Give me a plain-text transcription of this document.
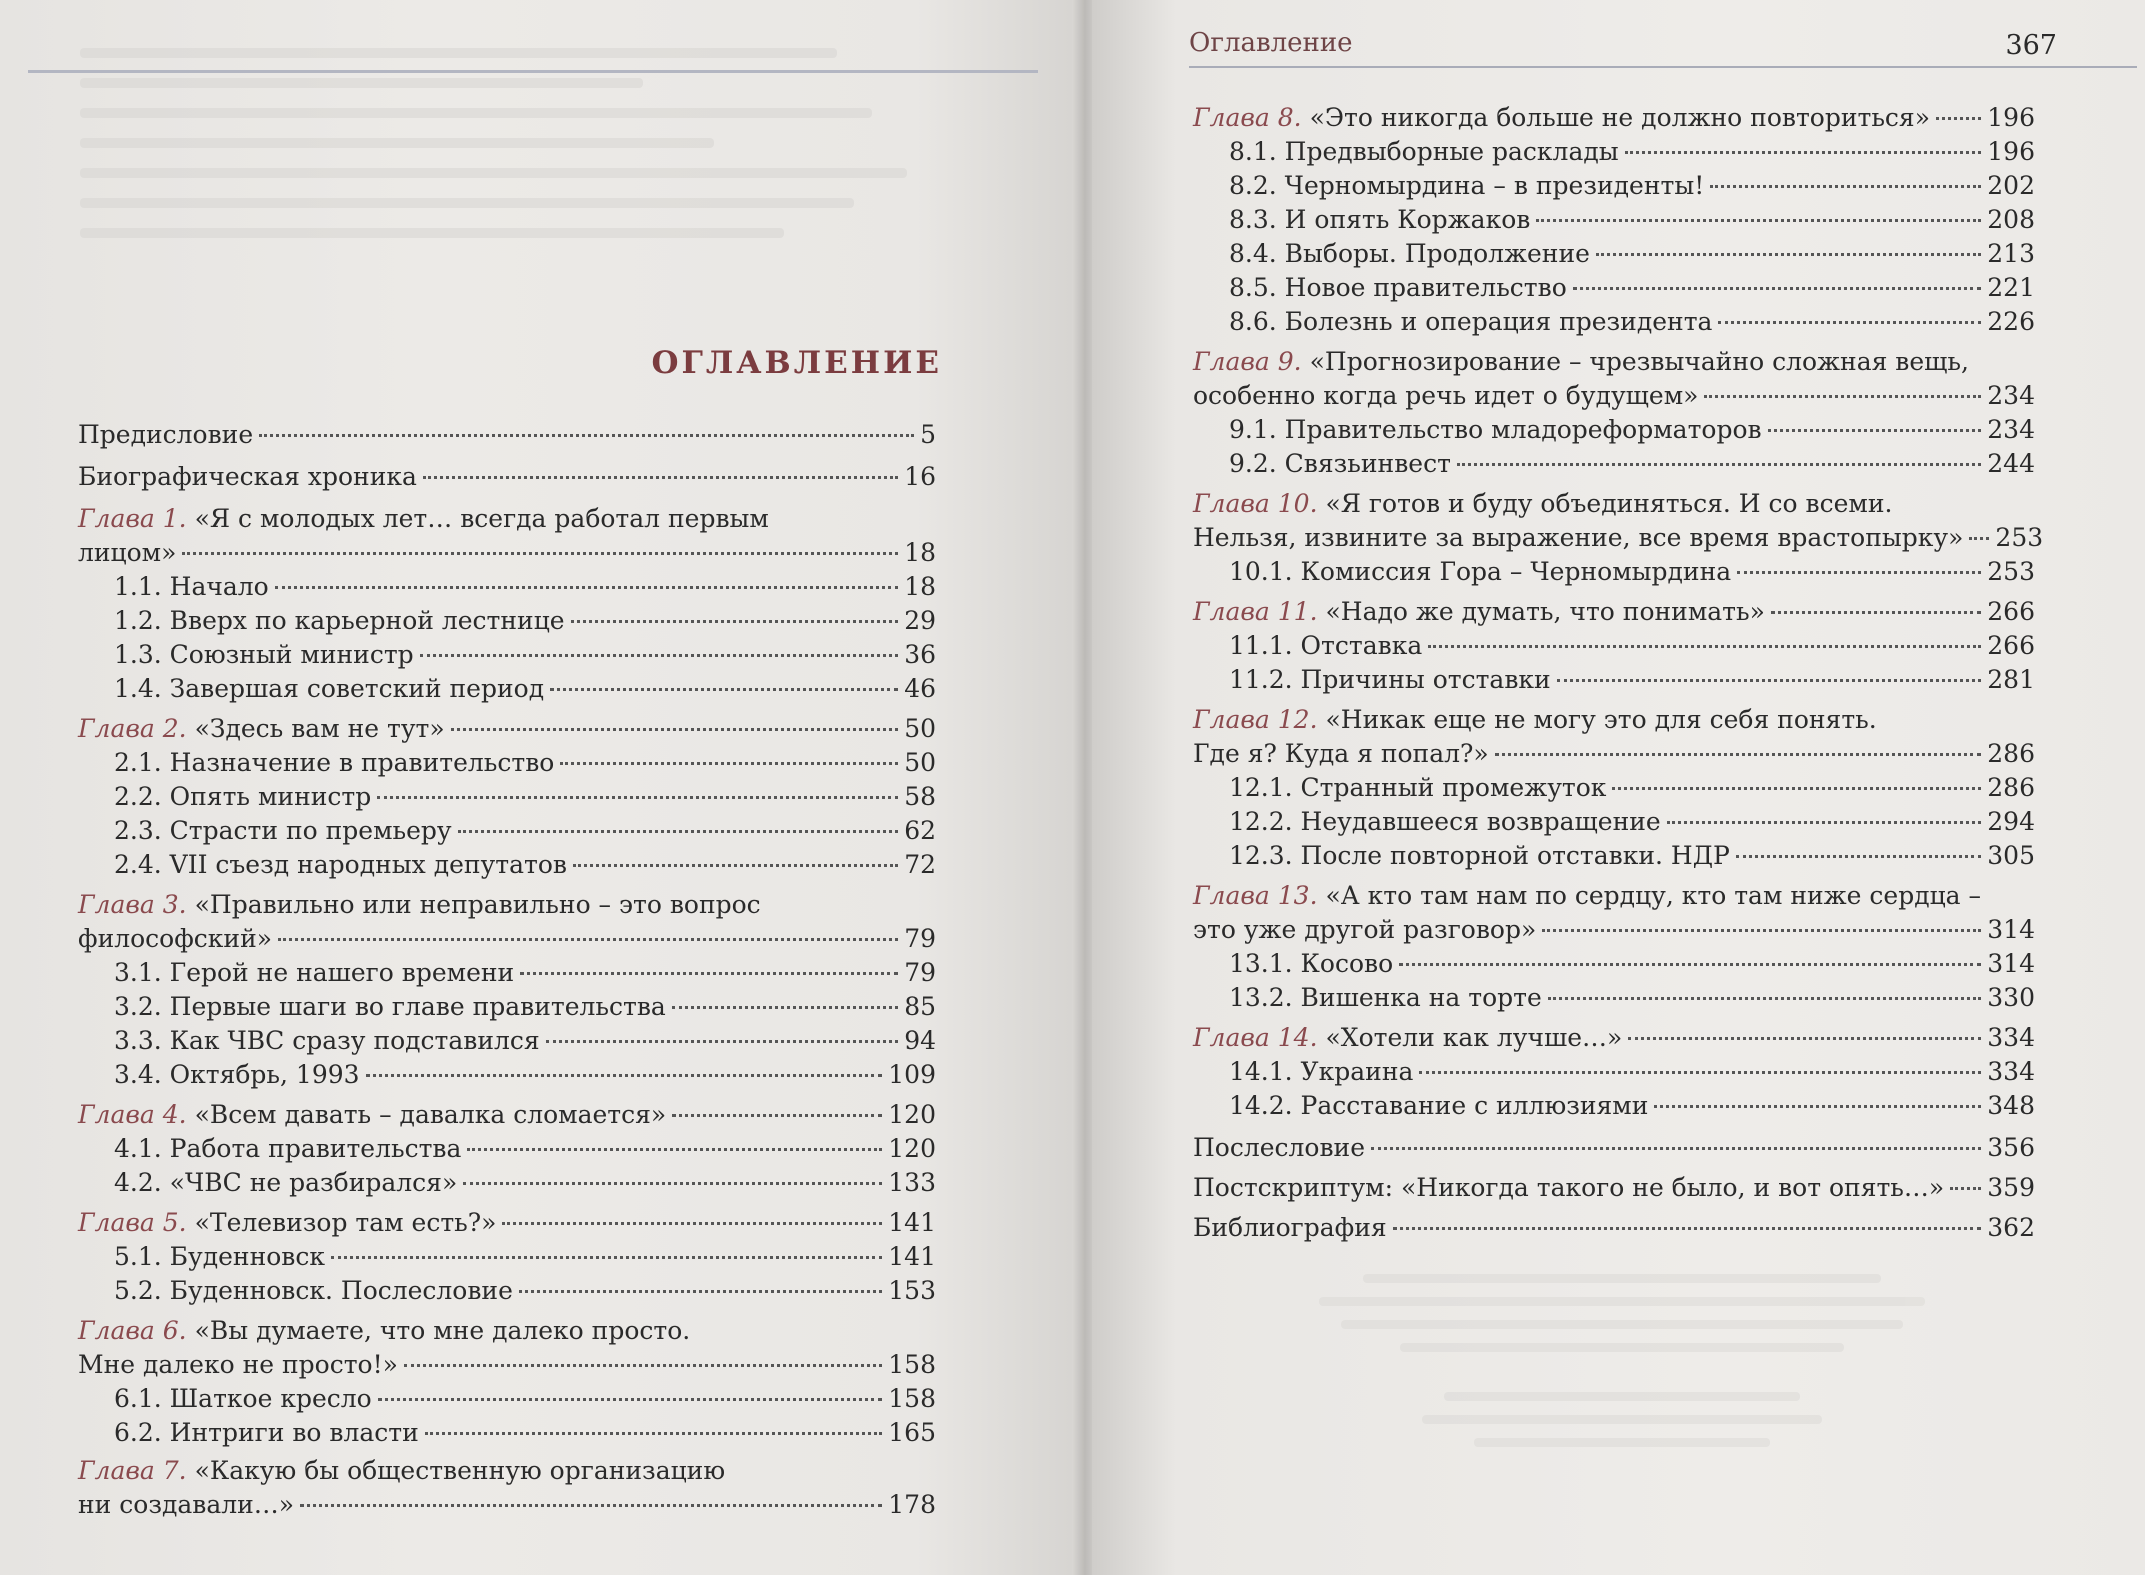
ОГЛАВЛЕНИЕ
Предисловие	5
Биографическая хроника	16
Глава 1. «Я с молодых лет… всегда работал первым
лицом»	18
1.1. Начало	18
1.2. Вверх по карьерной лестнице	29
1.3. Союзный министр	36
1.4. Завершая советский период	46
Глава 2. «Здесь вам не тут»	50
2.1. Назначение в правительство	50
2.2. Опять министр	58
2.3. Страсти по премьеру	62
2.4. VII съезд народных депутатов	72
Глава 3. «Правильно или неправильно – это вопрос
философский»	79
3.1. Герой не нашего времени	79
3.2. Первые шаги во главе правительства	85
3.3. Как ЧВС сразу подставился	94
3.4. Октябрь, 1993	109
Глава 4. «Всем давать – давалка сломается»	120
4.1. Работа правительства	120
4.2. «ЧВС не разбирался»	133
Глава 5. «Телевизор там есть?»	141
5.1. Буденновск	141
5.2. Буденновск. Послесловие	153
Глава 6. «Вы думаете, что мне далеко просто.
Мне далеко не просто!»	158
6.1. Шаткое кресло	158
6.2. Интриги во власти	165
Глава 7. «Какую бы общественную организацию
ни создавали…»	178
Оглавление	367
Глава 8. «Это никогда больше не должно повториться» 196
8.1. Предвыборные расклады	196
8.2. Черномырдина – в президенты!	202
8.3. И опять Коржаков	208
8.4. Выборы. Продолжение	213
8.5. Новое правительство	221
8.6. Болезнь и операция президента	226
Глава 9. «Прогнозирование – чрезвычайно сложная вещь,
особенно когда речь идет о будущем»	234
9.1. Правительство младореформаторов	234
9.2. Связьинвест	244
Глава 10. «Я готов и буду объединяться. И со всеми.
Нельзя, извините за выражение, все время врастопырку» 253
10.1. Комиссия Гора – Черномырдина	253
Глава 11. «Надо же думать, что понимать»	266
11.1. Отставка	266
11.2. Причины отставки	281
Глава 12. «Никак еще не могу это для себя понять.
Где я? Куда я попал?»	286
12.1. Странный промежуток	286
12.2. Неудавшееся возвращение	294
12.3. После повторной отставки. НДР	305
Глава 13. «А кто там нам по сердцу, кто там ниже сердца –
это уже другой разговор»	314
13.1. Косово	314
13.2. Вишенка на торте	330
Глава 14. «Хотели как лучше…»	334
14.1. Украина	334
14.2. Расставание с иллюзиями	348
Послесловие	356
Постскриптум: «Никогда такого не было, и вот опять…» 359
Библиография	362
